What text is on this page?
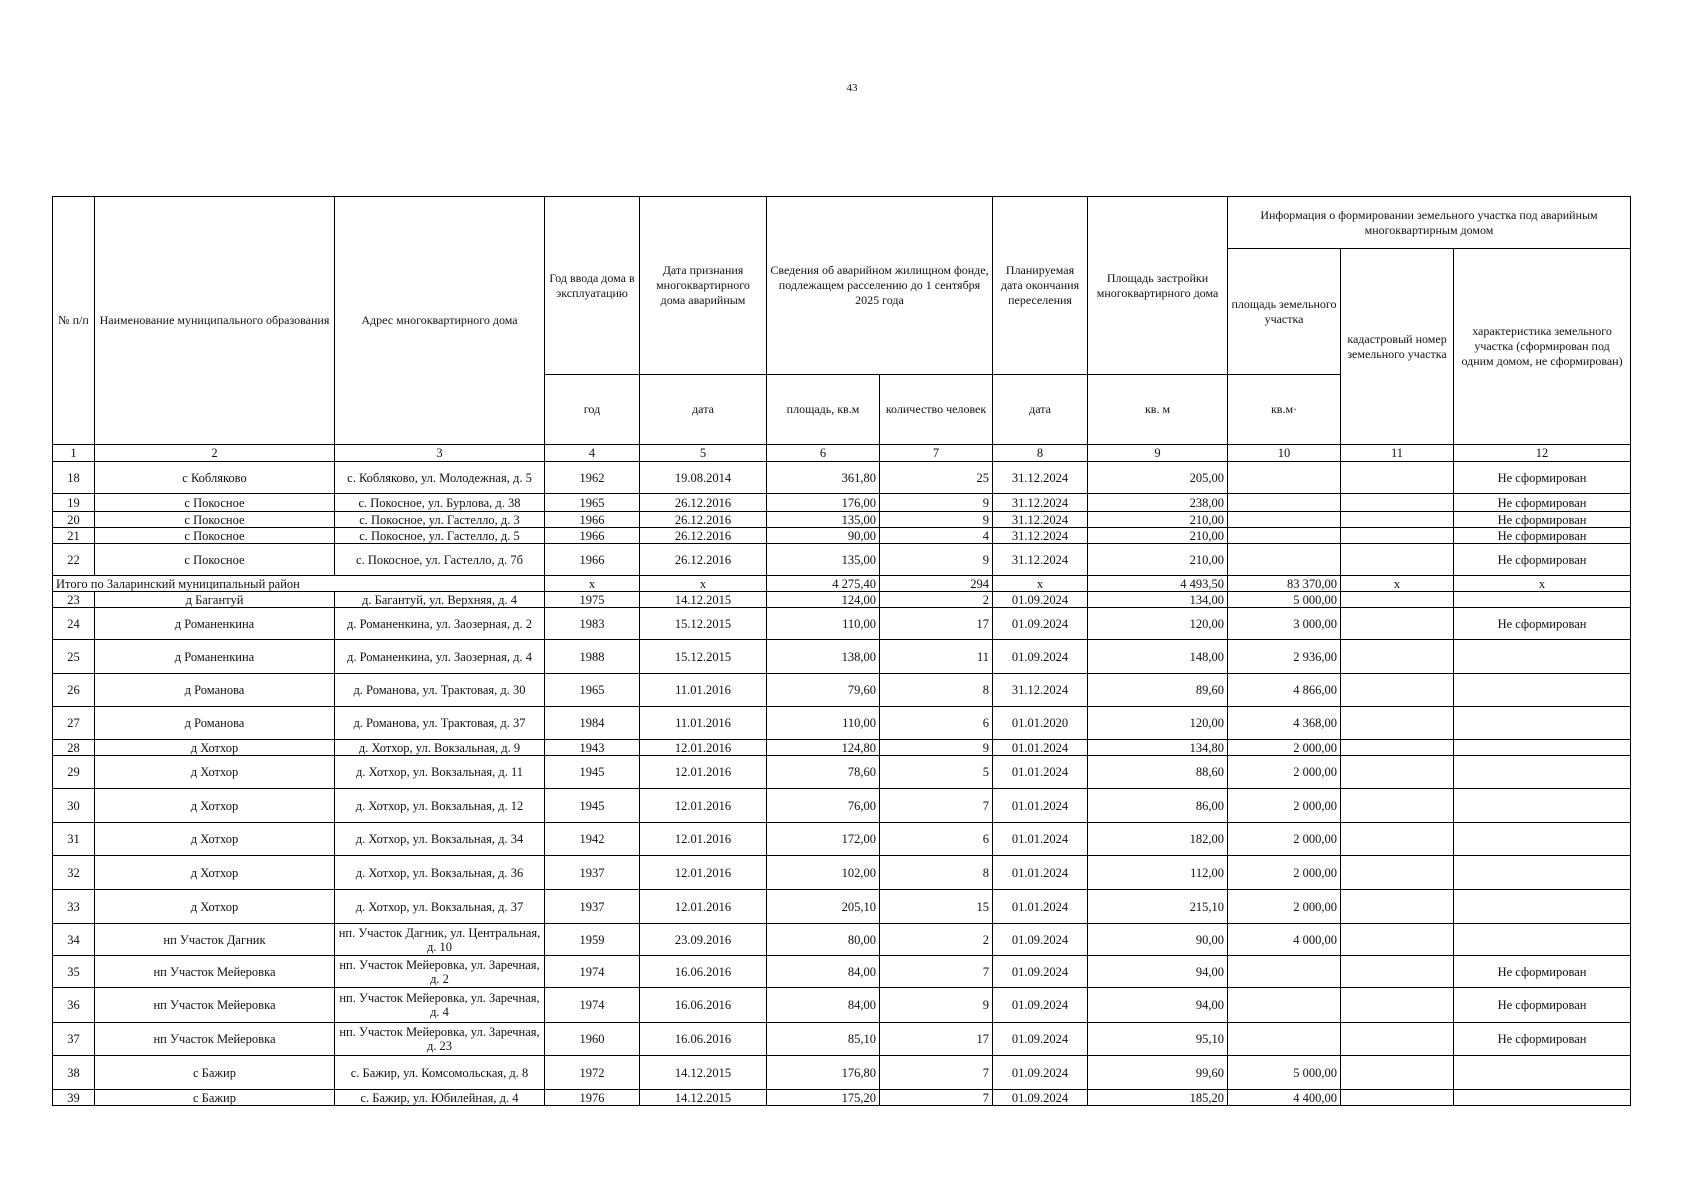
43
№ п/п	Наименование муниципального образования	Адрес многоквартирного дома	Год ввода дома в эксплуатацию	Дата признания многоквартирного дома аварийным	Сведения об аварийном жилищном фонде, подлежащем расселению до 1 сентября 2025 года		Планируемая дата окончания переселения	Площадь застройки многоквартирного дома	Информация о формировании земельного участка под аварийным многоквартирным домом		
									площадь земельного участка	кадастровый номер земельного участка	характеристика земельного участка (сформирован под одним домом, не сформирован)
			год	дата	площадь, кв.м	количество человек	дата	кв. м	кв.м·		
1	2	3	4	5	6	7	8	9	10	11	12
18	с Кобляково	с. Кобляково, ул. Молодежная, д. 5	1962	19.08.2014	361,80	25	31.12.2024	205,00			Не сформирован
19	с Покосное	с. Покосное, ул. Бурлова, д. 38	1965	26.12.2016	176,00	9	31.12.2024	238,00			Не сформирован
20	с Покосное	с. Покосное, ул. Гастелло, д. 3	1966	26.12.2016	135,00	9	31.12.2024	210,00			Не сформирован
21	с Покосное	с. Покосное, ул. Гастелло, д. 5	1966	26.12.2016	90,00	4	31.12.2024	210,00			Не сформирован
22	с Покосное	с. Покосное, ул. Гастелло, д. 7б	1966	26.12.2016	135,00	9	31.12.2024	210,00			Не сформирован
Итого по Заларинский муниципальный район			х	х	4 275,40	294	х	4 493,50	83 370,00	х	х
23	д Багантуй	д. Багантуй, ул. Верхняя, д. 4	1975	14.12.2015	124,00	2	01.09.2024	134,00	5 000,00		
24	д Романенкина	д. Романенкина, ул. Заозерная, д. 2	1983	15.12.2015	110,00	17	01.09.2024	120,00	3 000,00		Не сформирован
25	д Романенкина	д. Романенкина, ул. Заозерная, д. 4	1988	15.12.2015	138,00	11	01.09.2024	148,00	2 936,00		
26	д Романова	д. Романова, ул. Трактовая, д. 30	1965	11.01.2016	79,60	8	31.12.2024	89,60	4 866,00		
27	д Романова	д. Романова, ул. Трактовая, д. 37	1984	11.01.2016	110,00	6	01.01.2020	120,00	4 368,00		
28	д Хотхор	д. Хотхор, ул. Вокзальная, д. 9	1943	12.01.2016	124,80	9	01.01.2024	134,80	2 000,00		
29	д Хотхор	д. Хотхор, ул. Вокзальная, д. 11	1945	12.01.2016	78,60	5	01.01.2024	88,60	2 000,00		
30	д Хотхор	д. Хотхор, ул. Вокзальная, д. 12	1945	12.01.2016	76,00	7	01.01.2024	86,00	2 000,00		
31	д Хотхор	д. Хотхор, ул. Вокзальная, д. 34	1942	12.01.2016	172,00	6	01.01.2024	182,00	2 000,00		
32	д Хотхор	д. Хотхор, ул. Вокзальная, д. 36	1937	12.01.2016	102,00	8	01.01.2024	112,00	2 000,00		
33	д Хотхор	д. Хотхор, ул. Вокзальная, д. 37	1937	12.01.2016	205,10	15	01.01.2024	215,10	2 000,00		
34	нп Участок Дагник	нп. Участок Дагник, ул. Центральная, д. 10	1959	23.09.2016	80,00	2	01.09.2024	90,00	4 000,00		
35	нп Участок Мейеровка	нп. Участок Мейеровка, ул. Заречная, д. 2	1974	16.06.2016	84,00	7	01.09.2024	94,00			Не сформирован
36	нп Участок Мейеровка	нп. Участок Мейеровка, ул. Заречная, д. 4	1974	16.06.2016	84,00	9	01.09.2024	94,00			Не сформирован
37	нп Участок Мейеровка	нп. Участок Мейеровка, ул. Заречная, д. 23	1960	16.06.2016	85,10	17	01.09.2024	95,10			Не сформирован
38	с Бажир	с. Бажир, ул. Комсомольская, д. 8	1972	14.12.2015	176,80	7	01.09.2024	99,60	5 000,00		
39	с Бажир	с. Бажир, ул. Юбилейная, д. 4	1976	14.12.2015	175,20	7	01.09.2024	185,20	4 400,00		
